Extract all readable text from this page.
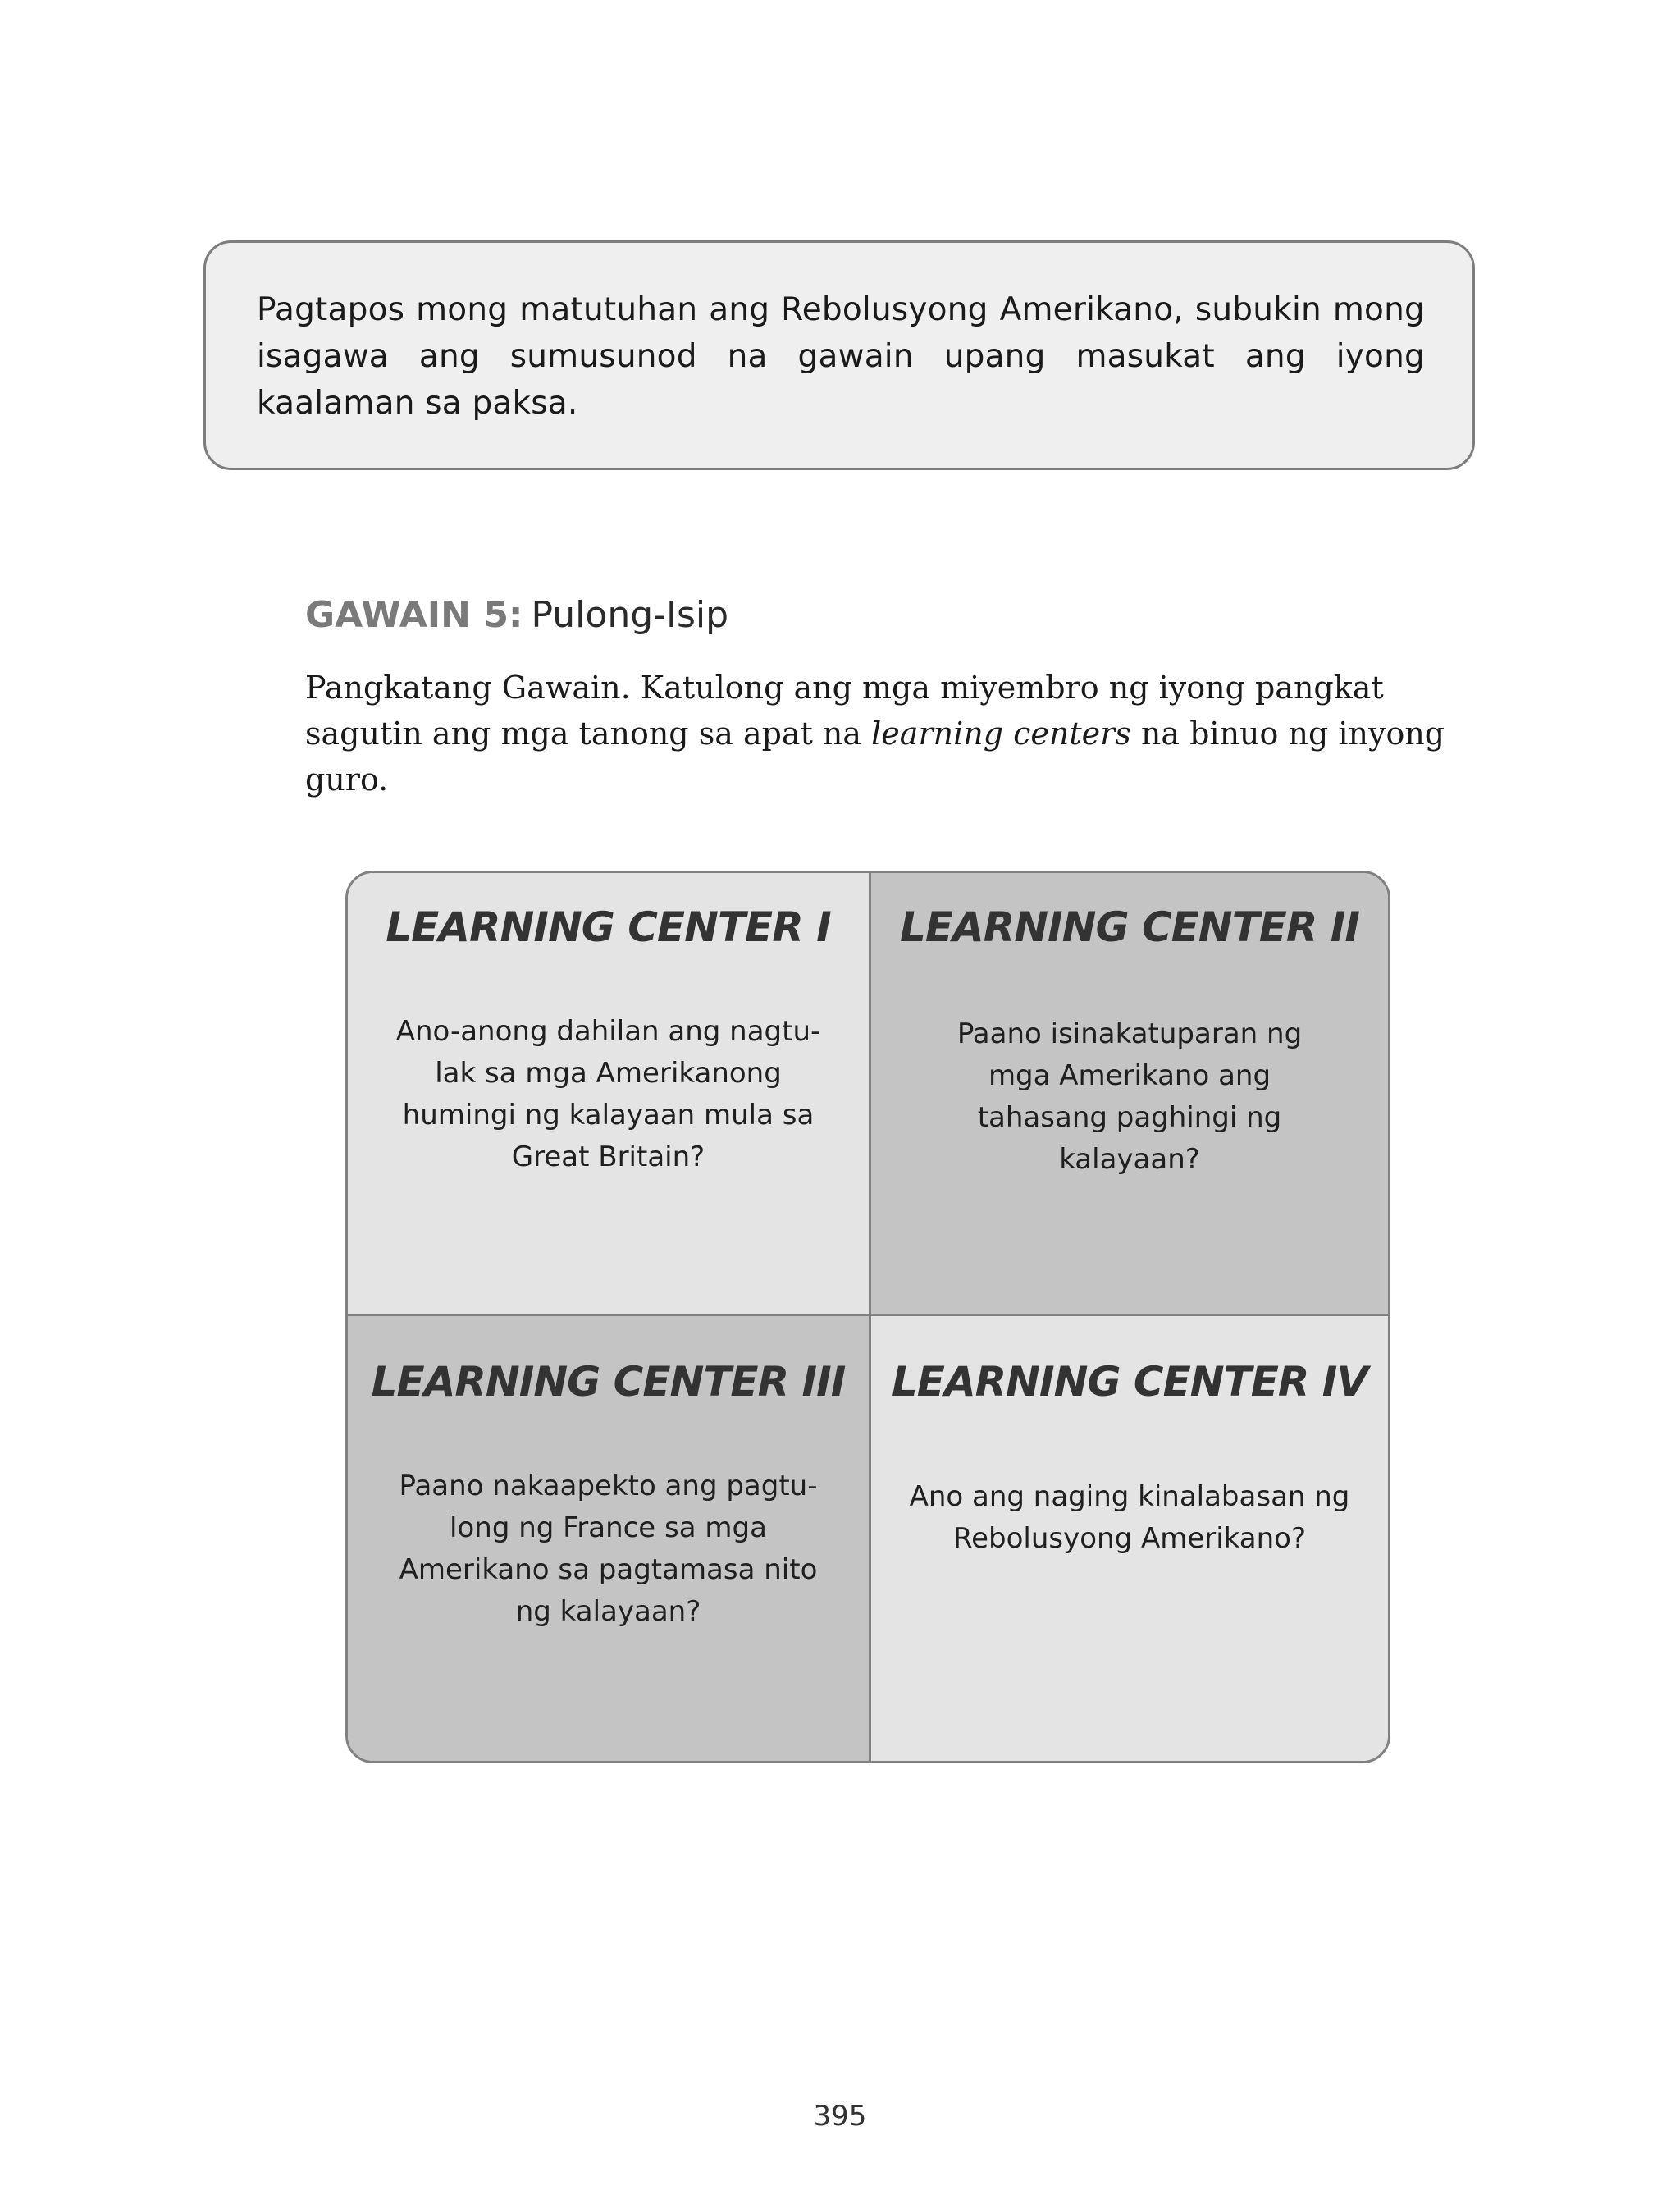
Pagtapos mong matutuhan ang Rebolusyong Amerikano, subukin mong isagawa ang sumusunod na gawain upang masukat ang iyong kaalaman sa paksa.

GAWAIN 5: Pulong-Isip

Pangkatang Gawain. Katulong ang mga miyembro ng iyong pangkat sagutin ang mga tanong sa apat na learning centers na binuo ng inyong guro.

LEARNING CENTER I

Ano-anong dahilan ang nagtu-lak sa mga Amerikanong humingi ng kalayaan mula sa Great Britain?

LEARNING CENTER II

Paano isinakatuparan ng mga Amerikano ang tahasang paghingi ng kalayaan?

LEARNING CENTER III

Paano nakaapekto ang pagtu-long ng France sa mga Amerikano sa pagtamasa nito ng kalayaan?

LEARNING CENTER IV

Ano ang naging kinalabasan ng Rebolusyong Amerikano?

395
